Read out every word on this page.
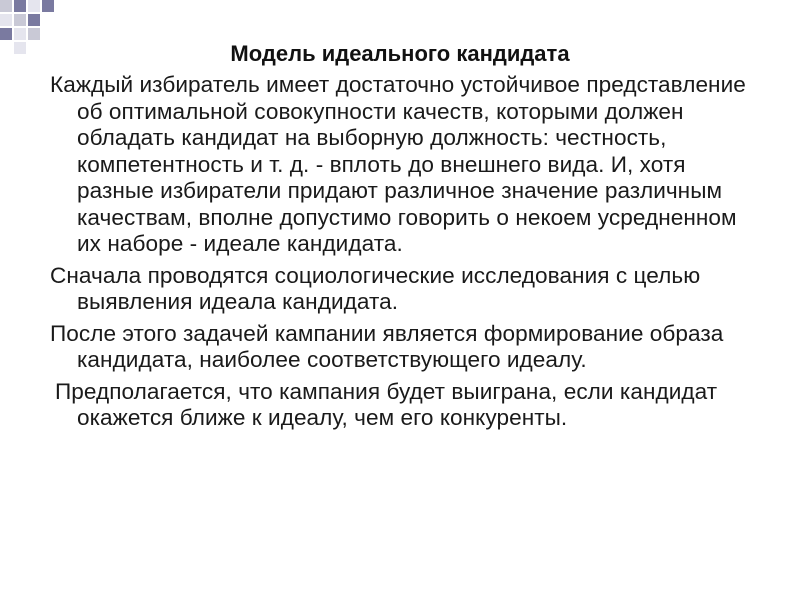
Модель идеального кандидата

Каждый избиратель имеет достаточно устойчивое представление об оптимальной совокупности качеств, которыми должен обладать кандидат на выборную должность: честность, компетентность и т. д. - вплоть до внешнего вида. И, хотя разные избиратели придают различное значение различным качествам, вполне допустимо говорить о некоем усредненном их наборе - идеале кандидата.

Сначала проводятся социологические исследования с целью выявления идеала кандидата.

После этого задачей кампании является формирование образа кандидата, наиболее соответствующего идеалу.

Предполагается, что кампания будет выиграна, если кандидат окажется ближе к идеалу, чем его конкуренты.
